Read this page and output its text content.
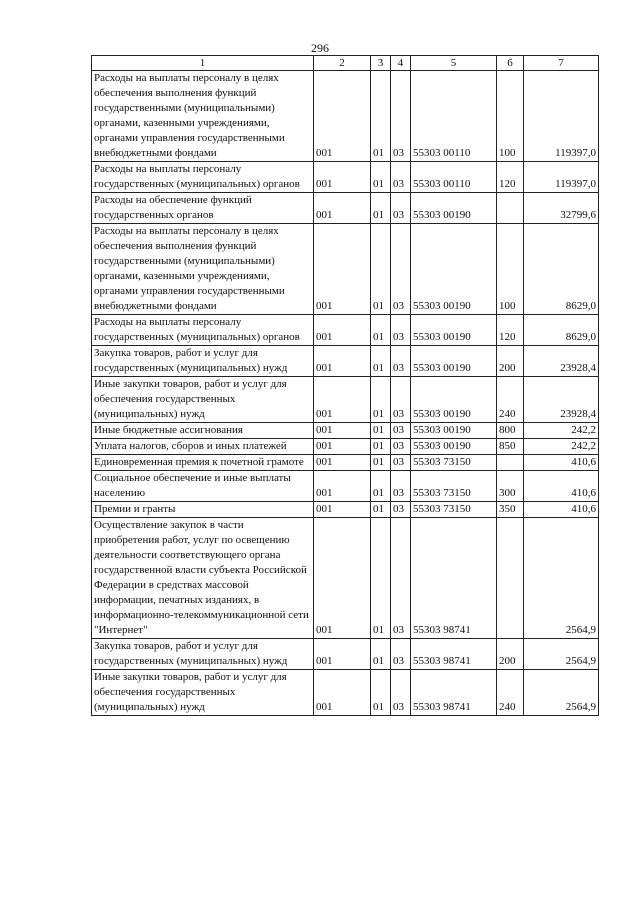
296
1	2	3	4	5	6	7

Расходы на выплаты персоналу в целях обеспечения выполнения функций государственными (муниципальными) органами, казенными учреждениями, органами управления государственными внебюджетными фондами	001	01	03	55303 00110	100	119397,0

Расходы на выплаты персоналу государственных (муниципальных) органов	001	01	03	55303 00110	120	119397,0

Расходы на обеспечение функций государственных органов	001	01	03	55303 00190		32799,6

Расходы на выплаты персоналу в целях обеспечения выполнения функций государственными (муниципальными) органами, казенными учреждениями, органами управления государственными внебюджетными фондами	001	01	03	55303 00190	100	8629,0

Расходы на выплаты персоналу государственных (муниципальных) органов	001	01	03	55303 00190	120	8629,0

Закупка товаров, работ и услуг для государственных (муниципальных) нужд	001	01	03	55303 00190	200	23928,4

Иные закупки товаров, работ и услуг для обеспечения государственных (муниципальных) нужд	001	01	03	55303 00190	240	23928,4

Иные бюджетные ассигнования	001	01	03	55303 00190	800	242,2

Уплата налогов, сборов и иных платежей	001	01	03	55303 00190	850	242,2

Единовременная премия к почетной грамоте	001	01	03	55303 73150		410,6

Социальное обеспечение и иные выплаты населению	001	01	03	55303 73150	300	410,6

Премии и гранты	001	01	03	55303 73150	350	410,6

Осуществление закупок в части приобретения работ, услуг по освещению деятельности соответствующего органа государственной власти субъекта Российской Федерации в средствах массовой информации, печатных изданиях, в информационно-телекоммуникационной сети "Интернет"	001	01	03	55303 98741		2564,9

Закупка товаров, работ и услуг для государственных (муниципальных) нужд	001	01	03	55303 98741	200	2564,9

Иные закупки товаров, работ и услуг для обеспечения государственных (муниципальных) нужд	001	01	03	55303 98741	240	2564,9
